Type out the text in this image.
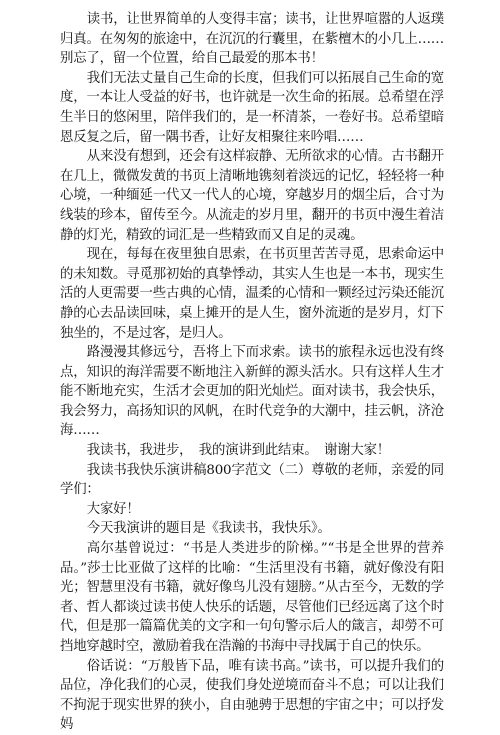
读书，让世界简单的人变得丰富；读书，让世界喧嚣的人返璞归真。在匆匆的旅途中，在沉沉的行囊里，在紫檀木的小几上……别忘了，留一个位置，给自己最爱的那本书！

我们无法丈量自己生命的长度，但我们可以拓展自己生命的宽度，一本让人受益的好书，也许就是一次生命的拓展。总希望在浮生半日的悠闲里，陪伴我们的，是一杯清茶，一卷好书。总希望暗恩反复之后，留一隅书香，让好友相聚往来吟唱……

从来没有想到，还会有这样寂静、无所欲求的心情。古书翻开在几上，微微发黄的书页上清晰地镌刻着淡远的记忆，轻轻将一种心境，一种缅延一代又一代人的心境，穿越岁月的烟尘后，合寸为线装的珍本，留传至今。从流走的岁月里，翻开的书页中漫生着洁静的灯光，精致的词汇是一些精致而又自足的灵魂。

现在，每每在夜里独自思索，在书页里苦苦寻觅，思索命运中的未知数。寻觅那初始的真挚悸动，其实人生也是一本书，现实生活的人更需要一些古典的心情，温柔的心情和一颗经过污染还能沉静的心去品读回味，桌上摊开的是人生，窗外流逝的是岁月，灯下独坐的，不是过客，是归人。

路漫漫其修远兮，吾将上下而求索。读书的旅程永远也没有终点，知识的海洋需要不断地注入新鲜的源头活水。只有这样人生才能不断地充实，生活才会更加的阳光灿烂。面对读书，我会快乐，我会努力，高扬知识的风帆，在时代竞争的大潮中，挂云帆，济沧海……

我读书，我进步，　我的演讲到此结束。　谢谢大家！

我读书我快乐演讲稿800字范文（二）尊敬的老师，亲爱的同学们：

大家好！

今天我演讲的题目是《我读书，我快乐》。

高尔基曾说过：“书是人类进步的阶梯。”“书是全世界的营养品。”莎士比亚做了这样的比喻：“生活里没有书籍，就好像没有阳光；智慧里没有书籍，就好像鸟儿没有翅膀。”从古至今，无数的学者、哲人都谈过读书使人快乐的话题，尽管他们已经远离了这个时代，但是那一篇篇优美的文字和一句句警示后人的箴言，却勞不可挡地穿越时空，激励着我在浩瀚的书海中寻找属于自己的快乐。

俗话说：“万般皆下品，唯有读书高。”读书，可以提升我们的品位，净化我们的心灵，使我们身处逆境而奋斗不息；可以让我们不拘泥于现实世界的狭小，自由驰骋于思想的宇宙之中；可以抒发妈
